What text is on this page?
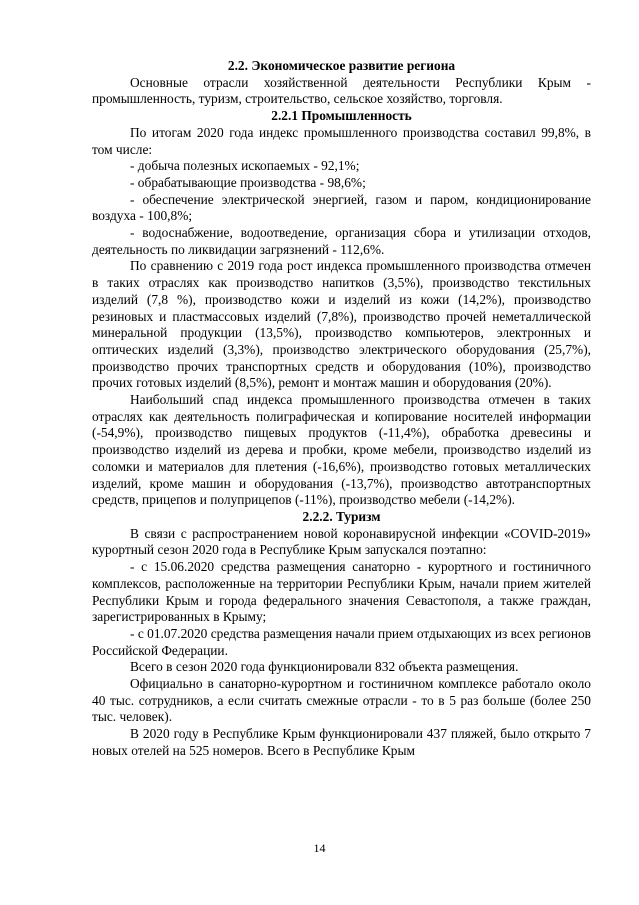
2.2. Экономическое развитие региона

Основные отрасли хозяйственной деятельности Республики Крым - промышленность, туризм, строительство, сельское хозяйство, торговля.

2.2.1 Промышленность

По итогам 2020 года индекс промышленного производства составил 99,8%, в том числе:

- добыча полезных ископаемых - 92,1%;

- обрабатывающие производства - 98,6%;

- обеспечение электрической энергией, газом и паром, кондиционирование воздуха - 100,8%;

- водоснабжение, водоотведение, организация сбора и утилизации отходов, деятельность по ликвидации загрязнений - 112,6%.

По сравнению с 2019 года рост индекса промышленного производства отмечен в таких отраслях как производство напитков (3,5%), производство текстильных изделий (7,8 %), производство кожи и изделий из кожи (14,2%), производство резиновых и пластмассовых изделий (7,8%), производство прочей неметаллической минеральной продукции (13,5%), производство компьютеров, электронных и оптических изделий (3,3%), производство электрического оборудования (25,7%), производство прочих транспортных средств и оборудования (10%), производство прочих готовых изделий (8,5%), ремонт и монтаж машин и оборудования (20%).

Наибольший спад индекса промышленного производства отмечен в таких отраслях как деятельность полиграфическая и копирование носителей информации (-54,9%), производство пищевых продуктов (-11,4%), обработка древесины и производство изделий из дерева и пробки, кроме мебели, производство изделий из соломки и материалов для плетения (-16,6%), производство готовых металлических изделий, кроме машин и оборудования (-13,7%), производство автотранспортных средств, прицепов и полуприцепов (-11%), производство мебели (-14,2%).

2.2.2. Туризм

В связи с распространением новой коронавирусной инфекции «COVID-2019» курортный сезон 2020 года в Республике Крым запускался поэтапно:

- с 15.06.2020 средства размещения санаторно - курортного и гостиничного комплексов, расположенные на территории Республики Крым, начали прием жителей Республики Крым и города федерального значения Севастополя, а также граждан, зарегистрированных в Крыму;

- с 01.07.2020 средства размещения начали прием отдыхающих из всех регионов Российской Федерации.

Всего в сезон 2020 года функционировали 832 объекта размещения.

Официально в санаторно-курортном и гостиничном комплексе работало около 40 тыс. сотрудников, а если считать смежные отрасли - то в 5 раз больше (более 250 тыс. человек).

В 2020 году в Республике Крым функционировали 437 пляжей, было открыто 7 новых отелей на 525 номеров. Всего в Республике Крым

14
